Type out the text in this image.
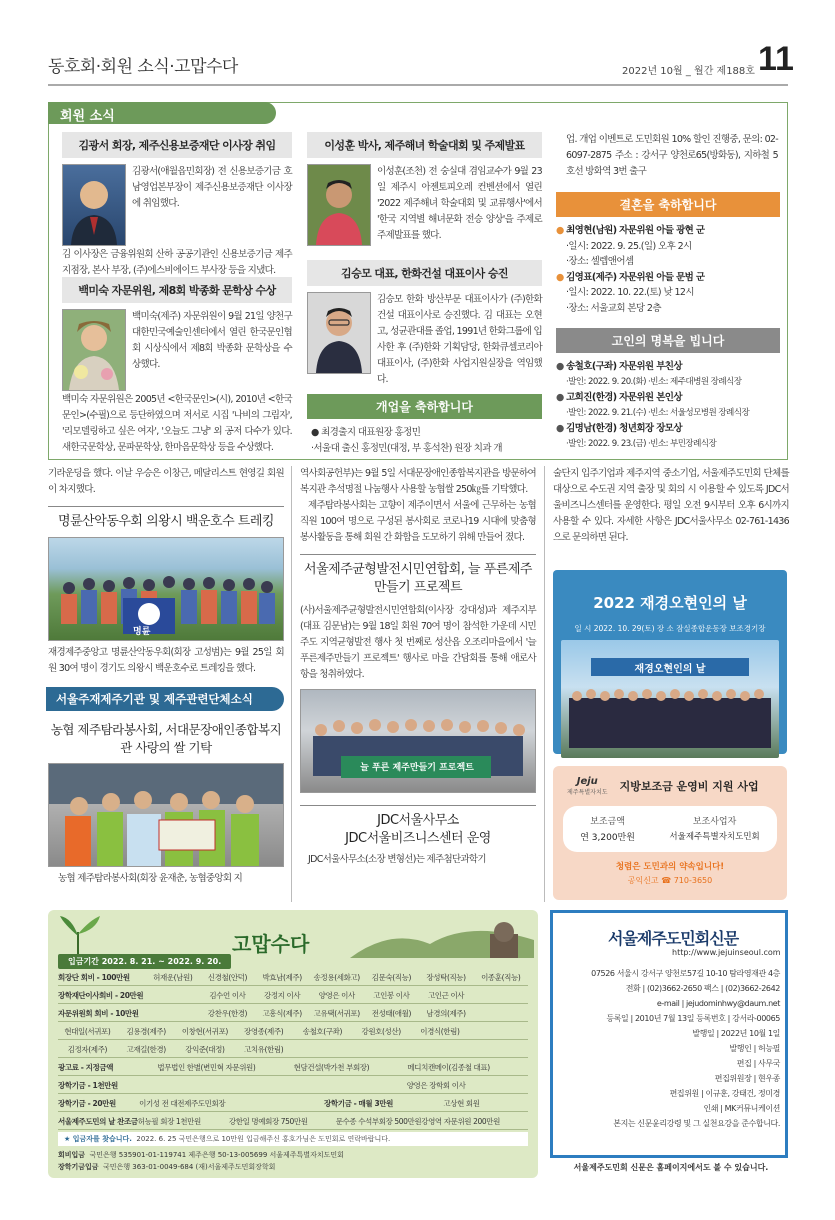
동호회·회원 소식·고맙수다	2022년 10월 _ 월간 제188호 11
회원 소식
김광서 회장, 제주신용보증재단 이사장 취임
김광서(애월읍민회장) 전 신용보증기금 호남영업본부장이 제주신용보증재단 이사장에 취임했다.
김 이사장은 금융위원회 산하 공공기관인 신용보증기금 제주지점장, 본사 부장, (주)에스비에이드 부사장 등을 지냈다.
백미숙 자문위원, 제8회 박종화 문학상 수상
백미숙(제주) 자문위원이 9월 21일 양천구 대한민국예술인센터에서 열린 한국문인협회 시상식에서 제8회 박종화 문학상을 수상했다.
백미숙 자문위원은 2005년 <한국문인>(시), 2010년 <한국문인>(수필)으로 등단하였으며 저서로 시집 '나비의 그림자', '리모델링하고 싶은 여자', '오늘도 그냥' 외 공저 다수가 있다. 새한국문학상, 문파문학상, 한마음문학상 등을 수상했다.
이성훈 박사, 제주해녀 학술대회 및 주제발표
이성훈(조천) 전 숭실대 겸임교수가 9월 23일 제주시 아젠토피오레 컨벤션에서 열린 '2022 제주해녀 학술대회 및 교류행사'에서 '한국 지역별 해녀문화 전승 양상'을 주제로 주제발표를 했다.
김승모 대표, 한화건설 대표이사 승진
김승모 한화 방산부문 대표이사가 (주)한화건설 대표이사로 승진했다. 김 대표는 오현고, 성균관대를 졸업, 1991년 한화그룹에 입사한 후 (주)한화 기획담당, 한화큐셀코리아 대표이사, (주)한화 사업지원실장을 역임했다.
개업을 축하합니다
● 최경출지 대표원장 홍정민
·서울대 출신 홍정민(대정, 부 홍석찬) 원장 치과 개
업. 개업 이벤트로 도민회원 10% 할인 진행중, 문의: 02-6097-2875 주소 : 강서구 양천로65(방화동), 지하철 5호선 방화역 3번 출구
결혼을 축하합니다
● 최영현(남원) 자문위원 아들 광현 군
·일시: 2022. 9. 25.(일) 오후 2시
·장소: 셀렙앤어셈
● 김영표(제주) 자문위원 아들 문범 군
·일시: 2022. 10. 22.(토) 낮 12시
·장소: 서울교회 본당 2층
고인의 명복을 빕니다
● 송철호(구좌) 자문위원 부친상
·발인: 2022. 9. 20.(화) ·빈소: 제주대병원 장례식장
● 고희진(한경) 자문위원 본인상
·발인: 2022. 9. 21.(수) ·빈소: 서울성모병원 장례식장
● 김명남(한경) 청년회장 장모상
·발인: 2022. 9. 23.(금) ·빈소: 부민장례식장
기라운딩을 했다. 이날 우승은 이창근, 메달리스트 현영길 회원이 차지했다.
명륜산악동우회 의왕시 백운호수 트레킹
명륜
재경제주중앙고 명륜산악동우회(회장 고성범)는 9월 25일 회원 30여 명이 경기도 의왕시 백운호수로 트레킹을 했다.
서울주재제주기관 및 제주관련단체소식
농협 제주탐라봉사회, 서대문장애인종합복지관 사랑의 쌀 기탁
농협 제주탐라봉사회(회장 윤재춘, 농협중앙회 지
역사회공헌부)는 9월 5일 서대문장애인종합복지관을 방문하여 복지관 추석명절 나눔행사 사용할 농협쌀 250㎏를 기탁했다.
제주탐라봉사회는 고향이 제주이면서 서울에 근무하는 농협직원 100여 명으로 구성된 봉사회로 코로나19 시대에 맞춤형 봉사활동을 통해 회원 간 화합을 도모하기 위해 만들어 졌다.
서울제주균형발전시민연합회, 늘 푸른제주만들기 프로젝트
(사)서울제주균형발전시민연합회(이사장 강대성)과 제주지부(대표 김문남)는 9월 18일 회원 70여 명이 참석한 가운데 시민주도 지역균형발전 행사 첫 번째로 성산읍 오조리마을에서 '늘 푸른제주만들기 프로젝트' 행사로 마을 간담회를 통해 애로사항을 청취하였다.
늘 푸른 제주만들기 프로젝트
JDC서울사무소
JDC서울비즈니스센터 운영
JDC서울사무소(소장 변형선)는 제주첨단과학기
술단지 입주기업과 제주지역 중소기업, 서울제주도민회 단체를 대상으로 수도권 지역 출장 및 회의 시 이용할 수 있도록 JDC서울비즈니스센터를 운영한다. 평일 오전 9시부터 오후 6시까지 사용할 수 있다. 자세한 사항은 JDC서울사무소 02-761-1436으로 문의하면 된다.
2022 재경오현인의 날
일 시 2022. 10. 29(토) 장 소 잠실종합운동장 보조경기장
재경오현인의 날
Jeju
제주특별자치도 지방보조금 운영비 지원 사업
보조금액
연 3,200만원
보조사업자
서울제주특별자치도민회
청렴은 도민과의 약속입니다!
공익신고 ☎ 710-3650
고맙수다
입금기간 2022. 8. 21. ~ 2022. 9. 20.
회장단 회비 - 100만원	허재운(남원)	신경철(안덕)	박효남(제주)	송정용(세화고)	김문숙(직능)	장성탁(직능)	이종훈(직능)
장학재단이사회비 - 20만원	김수언 이사	강정지 이사	양영은 이사	고인봉 이사	고인근 이사
자문위원회 회비 - 10만원	강찬우(한경)	고흥식(제주)	고유택(서귀포)	전성태(애월)	남경의(제주)
현대일(서귀포)	김용경(제주)	이창현(서귀포)	장영종(제주)	송철호(구좌)	강원호(성산)	이경식(한림)
김정자(제주)	고재길(한경)	강익준(대정)	고치유(한림)
광고료 - 지정금액	법무법인 한별(변민혁 자문위원)	현담건설(박가천 부회장)	메디치캔메이(김종철 대표)
장학기금 - 1천만원	양영은 장학회 이사
장학기금 - 20만원	이기성 전 대전제주도민회장	장학기금 - 매월 3만원	고상현 회원
서울제주도민의 날 찬조금 허능필 회장 1천만원	강한일 명예회장 750만원	문수종 수석부회장 500만원 강영역 자문위원 200만원
★ 입금자를 찾습니다. 2022. 6. 25 국민은행으로 10만원 입금해주신 홍호가님은 도민회로 연락바랍니다.
회비입금 국민은행 535901-01-119741 제주은행 50-13-005699 서울제주특별자치도민회
장학기금입금 국민은행 363-01-0049-684 (재)서울제주도민회장학회
서울제주도민회신문
http://www.jejuinseoul.com
07526 서울시 강서구 양천로57길 10-10 탐라영재관 4층
전화 | (02)3662-2650 팩스 | (02)3662-2642
e-mail | jejudominhwy@daum.net
등록일 | 2010년 7월 13일 등록번호 | 강서라-00065
발행일 | 2022년 10월 1일
발행인 | 허능필
편집 | 사무국
편집위원장 | 현우종
편집위원 | 이규훈, 강태건, 정미경
인쇄 | MK커뮤니케이션
본지는 신문윤리강령 및 그 실천요강을 준수합니다.
서울제주도민회 신문은 홈페이지에서도 볼 수 있습니다.
